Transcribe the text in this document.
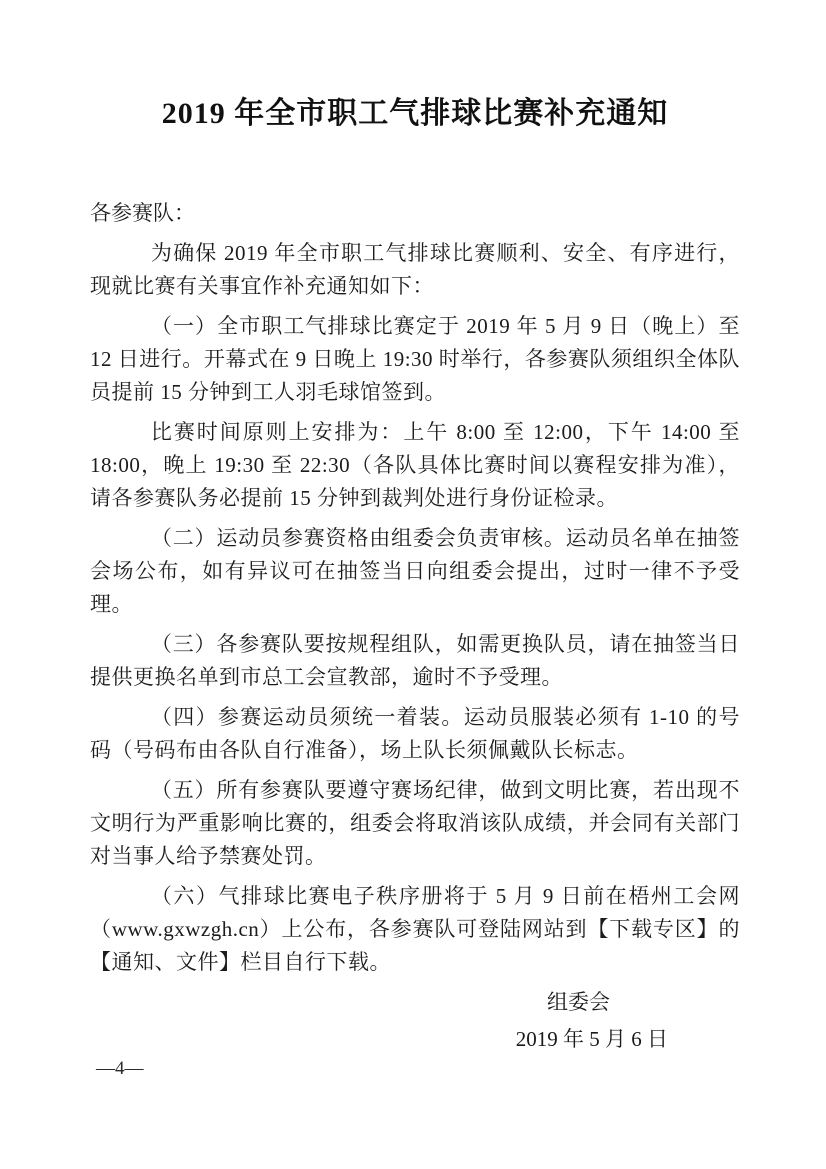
2019 年全市职工气排球比赛补充通知

各参赛队：

为确保 2019 年全市职工气排球比赛顺利、安全、有序进行，现就比赛有关事宜作补充通知如下：

（一）全市职工气排球比赛定于 2019 年 5 月 9 日（晚上）至 12 日进行。开幕式在 9 日晚上 19:30 时举行，各参赛队须组织全体队员提前 15 分钟到工人羽毛球馆签到。

比赛时间原则上安排为：上午 8:00 至 12:00，下午 14:00 至 18:00，晚上 19:30 至 22:30（各队具体比赛时间以赛程安排为准），请各参赛队务必提前 15 分钟到裁判处进行身份证检录。

（二）运动员参赛资格由组委会负责审核。运动员名单在抽签会场公布，如有异议可在抽签当日向组委会提出，过时一律不予受理。

（三）各参赛队要按规程组队，如需更换队员，请在抽签当日提供更换名单到市总工会宣教部，逾时不予受理。

（四）参赛运动员须统一着装。运动员服装必须有 1-10 的号码（号码布由各队自行准备），场上队长须佩戴队长标志。

（五）所有参赛队要遵守赛场纪律，做到文明比赛，若出现不文明行为严重影响比赛的，组委会将取消该队成绩，并会同有关部门对当事人给予禁赛处罚。

（六）气排球比赛电子秩序册将于 5 月 9 日前在梧州工会网（www.gxwzgh.cn）上公布，各参赛队可登陆网站到【下载专区】的【通知、文件】栏目自行下载。

组委会

2019 年 5 月 6 日

—4—
